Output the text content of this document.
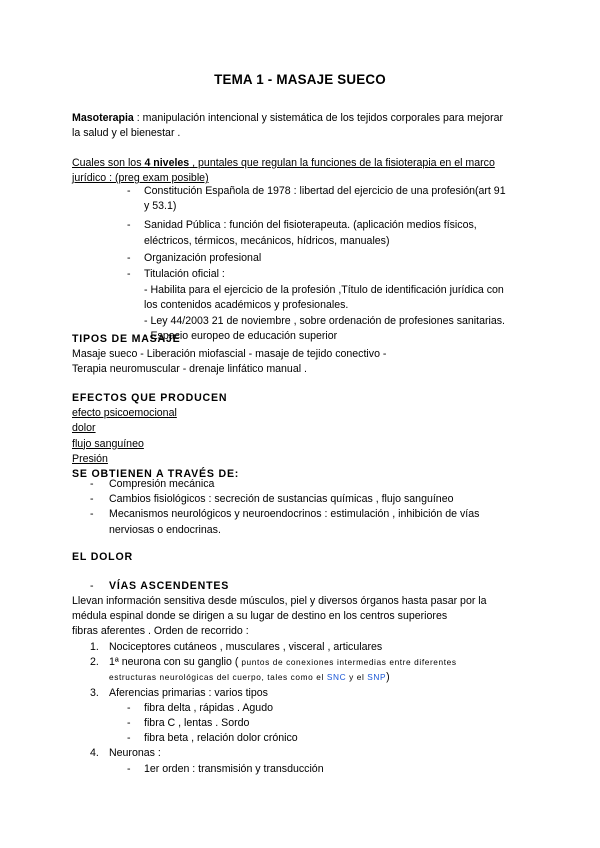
TEMA 1 - MASAJE SUECO
Masoterapia : manipulación intencional y sistemática de los tejidos corporales para mejorar
la salud y el bienestar .
Cuales son los 4 niveles , puntales que regulan la funciones de la fisioterapia en el marco
jurídico : (preg exam posible)
- Constitución Española de 1978 : libertad del ejercicio de una profesión(art 91
y 53.1)
- Sanidad Pública : función del fisioterapeuta. (aplicación medios físicos,
eléctricos, térmicos, mecánicos, hídricos, manuales)
- Organización profesional
- Titulación oficial :
- Habilita para el ejercicio de la profesión ,Título de identificación jurídica con
los contenidos académicos y profesionales.
- Ley 44/2003 21 de noviembre , sobre ordenación de profesiones sanitarias.
- Espacio europeo de educación superior
TIPOS DE MASAJE
Masaje sueco - Liberación miofascial - masaje de tejido conectivo -
Terapia neuromuscular - drenaje linfático manual .
EFECTOS QUE PRODUCEN
efecto psicoemocional
dolor
flujo sanguíneo
Presión
SE OBTIENEN A TRAVÉS DE:
- Compresión mecánica
- Cambios fisiológicos : secreción de sustancias químicas , flujo sanguíneo
- Mecanismos neurológicos y neuroendocrinos : estimulación , inhibición de vías
nerviosas o endocrinas.
EL DOLOR
- VÍAS ASCENDENTES
Llevan información sensitiva desde músculos, piel y diversos órganos hasta pasar por la
médula espinal donde se dirigen a su lugar de destino en los centros superiores
fibras aferentes . Orden de recorrido :
1. Nociceptores cutáneos , musculares , visceral , articulares
2. 1ª neurona con su ganglio ( puntos de conexiones intermedias entre diferentes
estructuras neurológicas del cuerpo, tales como el SNC y el SNP)
3. Aferencias primarias : varios tipos
- fibra delta , rápidas . Agudo
- fibra C , lentas . Sordo
- fibra beta , relación dolor crónico
4. Neuronas :
- 1er orden : transmisión y transducción
